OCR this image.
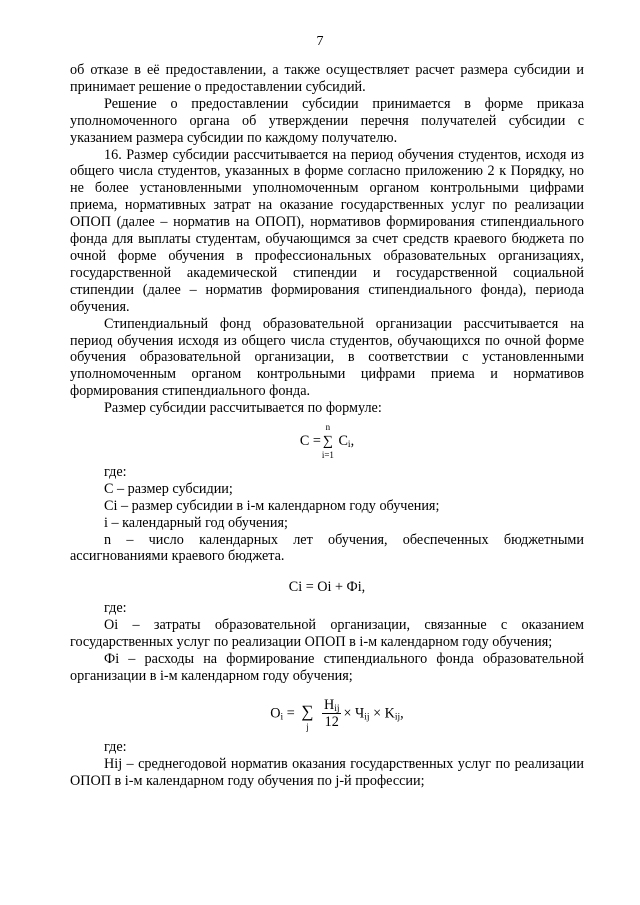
7

об отказе в её предоставлении, а также осуществляет расчет размера субсидии и принимает решение о предоставлении субсидий.

Решение о предоставлении субсидии принимается в форме приказа уполномоченного органа об утверждении перечня получателей субсидии с указанием размера субсидии по каждому получателю.

16. Размер субсидии рассчитывается на период обучения студентов, исходя из общего числа студентов, указанных в форме согласно приложению 2 к Порядку, но не более установленными уполномоченным органом контрольными цифрами приема, нормативных затрат на оказание государственных услуг по реализации ОПОП (далее – норматив на ОПОП), нормативов формирования стипендиального фонда для выплаты студентам, обучающимся за счет средств краевого бюджета по очной форме обучения в профессиональных образовательных организациях, государственной академической стипендии и государственной социальной стипендии (далее – норматив формирования стипендиального фонда), периода обучения.

Стипендиальный фонд образовательной организации рассчитывается на период обучения исходя из общего числа студентов, обучающихся по очной форме обучения образовательной организации, в соответствии с установленными уполномоченным органом контрольными цифрами приема и нормативов формирования стипендиального фонда.

Размер субсидии рассчитывается по формуле:

C =
n
∑
i=1
$C_i$,

где:

С – размер субсидии;

Сi – размер субсидии в i-м календарном году обучения;

i – календарный год обучения;

n – число календарных лет обучения, обеспеченных бюджетными ассигнованиями краевого бюджета.

Ci = Oi + Фi,

где:

Оi – затраты образовательной организации, связанные с оказанием государственных услуг по реализации ОПОП в i-м календарном году обучения;

Фi – расходы на формирование стипендиального фонда образовательной организации в i-м календарном году обучения;

$O_i$ = ∑
j
$\frac{H_{ij}}{12} \times Ч_{ij} \times K_{ij}$,

где:

Нij – среднегодовой норматив оказания государственных услуг по реализации ОПОП в i-м календарном году обучения по j-й профессии;
